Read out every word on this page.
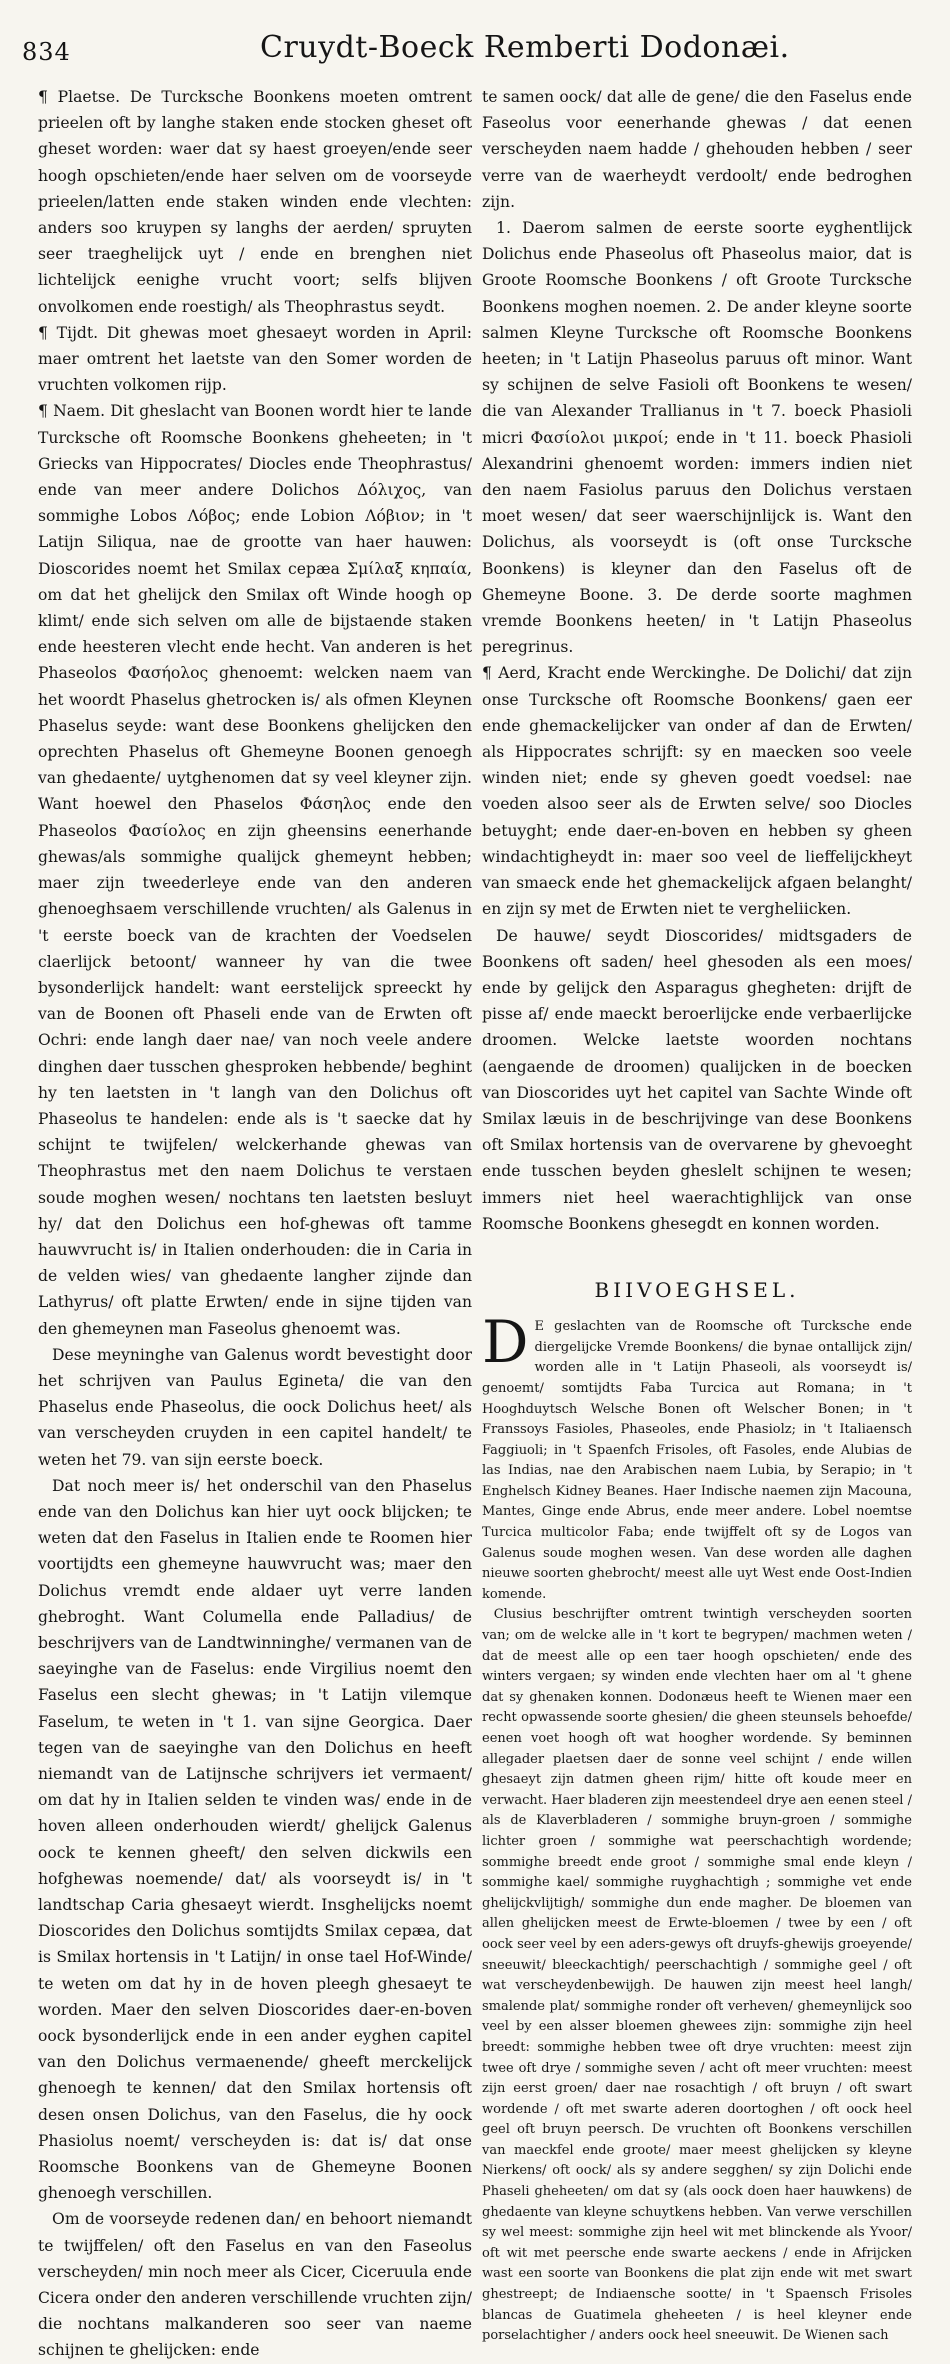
834	Cruydt-Boeck Remberti Dodonæi.

¶ Plaetse. De Turcksche Boonkens moeten omtrent prieelen oft by langhe staken ende stocken gheset oft gheset worden: waer dat sy haest groeyen/ende seer hoogh opschieten/ende haer selven om de voorseyde prieelen/latten ende staken winden ende vlechten: anders soo kruypen sy langhs der aerden/ spruyten seer traeghelijck uyt / ende en brenghen niet lichtelijck eenighe vrucht voort; selfs blijven onvolkomen ende roestigh/ als Theophrastus seydt.

¶ Tijdt. Dit ghewas moet ghesaeyt worden in April: maer omtrent het laetste van den Somer worden de vruchten volkomen rijp.

¶ Naem. Dit gheslacht van Boonen wordt hier te lande Turcksche oft Roomsche Boonkens gheheeten; in 't Griecks van Hippocrates/ Diocles ende Theophrastus/ ende van meer andere Dolichos Δόλιχος, van sommighe Lobos Λόβος; ende Lobion Λόβιον; in 't Latijn Siliqua, nae de grootte van haer hauwen: Dioscorides noemt het Smilax cepæa Σμίλαξ κηπαία, om dat het ghelijck den Smilax oft Winde hoogh op klimt/ ende sich selven om alle de bijstaende staken ende heesteren vlecht ende hecht. Van anderen is het Phaseolos Φασήολος ghenoemt: welcken naem van het woordt Phaselus ghetrocken is/ als ofmen Kleynen Phaselus seyde: want dese Boonkens ghelijcken den oprechten Phaselus oft Ghemeyne Boonen genoegh van ghedaente/ uytghenomen dat sy veel kleyner zijn. Want hoewel den Phaselos Φάσηλος ende den Phaseolos Φασίολος en zijn gheensins eenerhande ghewas/als sommighe qualijck ghemeynt hebben; maer zijn tweederleye ende van den anderen ghenoeghsaem verschillende vruchten/ als Galenus in 't eerste boeck van de krachten der Voedselen claerlijck betoont/ wanneer hy van die twee bysonderlijck handelt: want eerstelijck spreeckt hy van de Boonen oft Phaseli ende van de Erwten oft Ochri: ende langh daer nae/ van noch veele andere dinghen daer tusschen ghesproken hebbende/ beghint hy ten laetsten in 't langh van den Dolichus oft Phaseolus te handelen: ende als is 't saecke dat hy schijnt te twijfelen/ welckerhande ghewas van Theophrastus met den naem Dolichus te verstaen soude moghen wesen/ nochtans ten laetsten besluyt hy/ dat den Dolichus een hof-ghewas oft tamme hauwvrucht is/ in Italien onderhouden: die in Caria in de velden wies/ van ghedaente langher zijnde dan Lathyrus/ oft platte Erwten/ ende in sijne tijden van den ghemeynen man Faseolus ghenoemt was.

Dese meyninghe van Galenus wordt bevestight door het schrijven van Paulus Egineta/ die van den Phaselus ende Phaseolus, die oock Dolichus heet/ als van verscheyden cruyden in een capitel handelt/ te weten het 79. van sijn eerste boeck.

Dat noch meer is/ het onderschil van den Phaselus ende van den Dolichus kan hier uyt oock blijcken; te weten dat den Faselus in Italien ende te Roomen hier voortijdts een ghemeyne hauwvrucht was; maer den Dolichus vremdt ende aldaer uyt verre landen ghebroght. Want Columella ende Palladius/ de beschrijvers van de Landtwinninghe/ vermanen van de saeyinghe van de Faselus: ende Virgilius noemt den Faselus een slecht ghewas; in 't Latijn vilemque Faselum, te weten in 't 1. van sijne Georgica. Daer tegen van de saeyinghe van den Dolichus en heeft niemandt van de Latijnsche schrijvers iet vermaent/ om dat hy in Italien selden te vinden was/ ende in de hoven alleen onderhouden wierdt/ ghelijck Galenus oock te kennen gheeft/ den selven dickwils een hofghewas noemende/ dat/ als voorseydt is/ in 't landtschap Caria ghesaeyt wierdt. Insghelijcks noemt Dioscorides den Dolichus somtijdts Smilax cepæa, dat is Smilax hortensis in 't Latijn/ in onse tael Hof-Winde/ te weten om dat hy in de hoven pleegh ghesaeyt te worden. Maer den selven Dioscorides daer-en-boven oock bysonderlijck ende in een ander eyghen capitel van den Dolichus vermaenende/ gheeft merckelijck ghenoegh te kennen/ dat den Smilax hortensis oft desen onsen Dolichus, van den Faselus, die hy oock Phasiolus noemt/ verscheyden is: dat is/ dat onse Roomsche Boonkens van de Ghemeyne Boonen ghenoegh verschillen.

Om de voorseyde redenen dan/ en behoort niemandt te twijffelen/ oft den Faselus en van den Faseolus verscheyden/ min noch meer als Cicer, Ciceruula ende Cicera onder den anderen verschillende vruchten zijn/ die nochtans malkanderen soo seer van naeme schijnen te ghelijcken: ende

te samen oock/ dat alle de gene/ die den Faselus ende Faseolus voor eenerhande ghewas / dat eenen verscheyden naem hadde / ghehouden hebben / seer verre van de waerheydt verdoolt/ ende bedroghen zijn.

1. Daerom salmen de eerste soorte eyghentlijck Dolichus ende Phaseolus oft Phaseolus maior, dat is Groote Roomsche Boonkens / oft Groote Turcksche Boonkens moghen noemen. 2. De ander kleyne soorte salmen Kleyne Turcksche oft Roomsche Boonkens heeten; in 't Latijn Phaseolus paruus oft minor. Want sy schijnen de selve Fasioli oft Boonkens te wesen/ die van Alexander Trallianus in 't 7. boeck Phasioli micri Φασίολοι μικροί; ende in 't 11. boeck Phasioli Alexandrini ghenoemt worden: immers indien niet den naem Fasiolus paruus den Dolichus verstaen moet wesen/ dat seer waerschijnlijck is. Want den Dolichus, als voorseydt is (oft onse Turcksche Boonkens) is kleyner dan den Faselus oft de Ghemeyne Boone. 3. De derde soorte maghmen vremde Boonkens heeten/ in 't Latijn Phaseolus peregrinus.

¶ Aerd, Kracht ende Werckinghe. De Dolichi/ dat zijn onse Turcksche oft Roomsche Boonkens/ gaen eer ende ghemackelijcker van onder af dan de Erwten/ als Hippocrates schrijft: sy en maecken soo veele winden niet; ende sy gheven goedt voedsel: nae voeden alsoo seer als de Erwten selve/ soo Diocles betuyght; ende daer-en-boven en hebben sy gheen windachtigheydt in: maer soo veel de lieffelijckheyt van smaeck ende het ghemackelijck afgaen belanght/ en zijn sy met de Erwten niet te vergheliicken.

De hauwe/ seydt Dioscorides/ midtsgaders de Boonkens oft saden/ heel ghesoden als een moes/ ende by gelijck den Asparagus ghegheten: drijft de pisse af/ ende maeckt beroerlijcke ende verbaerlijcke droomen. Welcke laetste woorden nochtans (aengaende de droomen) qualijcken in de boecken van Dioscorides uyt het capitel van Sachte Winde oft Smilax læuis in de beschrijvinge van dese Boonkens oft Smilax hortensis van de overvarenе by ghevoeght ende tusschen beyden gheslelt schijnen te wesen; immers niet heel waerachtighlijck van onse Roomsche Boonkens ghesegdt en konnen worden.

BIIVOEGHSEL.

D E geslachten van de Roomsche oft Turcksche ende diergelijcke Vremde Boonkens/ die bynae ontallijck zijn/ worden alle in 't Latijn Phaseoli, als voorseydt is/ genoemt/ somtijdts Faba Turcica aut Romana; in 't Hooghduytsch Welsche Bonen oft Welscher Bonen; in 't Franssoys Fasioles, Phaseoles, ende Phasiolz; in 't Italiaensch Faggiuoli; in 't Spaenfch Frisoles, oft Fasoles, ende Alubias de las Indias, nae den Arabischen naem Lubia, by Serapio; in 't Enghelsch Kidney Beanes. Haer Indische naemen zijn Macouna, Mantes, Ginge ende Abrus, ende meer andere. Lobel noemtse Turcica multicolor Faba; ende twijffelt oft sy de Logos van Galenus soude moghen wesen. Van dese worden alle daghen nieuwe soorten ghebrocht/ meest alle uyt West ende Oost-Indien komende.

Clusius beschrijfter omtrent twintigh verscheyden soorten van; om de welcke alle in 't kort te begrypen/ machmen weten / dat de meest alle op een taer hoogh opschieten/ ende des winters vergaen; sy winden ende vlechten haer om al 't ghene dat sy ghenaken konnen. Dodonæus heeft te Wienen maer een recht opwassende soorte ghesien/ die gheen steunsels behoefde/ eenen voet hoogh oft wat hoogher wordende. Sy beminnen allegader plaetsen daer de sonne veel schijnt / ende willen ghesaeyt zijn datmen gheen rijm/ hitte oft koude meer en verwacht. Haer bladeren zijn meestendeel drye aen eenen steel / als de Klaverbladeren / sommighe bruyn-groen / sommighe lichter groen / sommighe wat peerschachtigh wordende; sommighe breedt ende groot / sommighe smal ende kleyn / sommighe kael/ sommighe ruyghachtigh ; sommighe vet ende ghelijckvlijtigh/ sommighe dun ende magher. De bloemen van allen ghelijcken meest de Erwte-bloemen / twee by een / oft oock seer veel by een aders-gewys oft druyfs-ghewijs groeyende/ sneeuwit/ bleeckachtigh/ peerschachtigh / sommighe geel / oft wat verscheydenbewijgh. De hauwen zijn meest heel langh/ smalende plat/ sommighe ronder oft verheven/ ghemeynlijck soo veel by een alsser bloemen ghewees zijn: sommighe zijn heel breedt: sommighe hebben twee oft drye vruchten: meest zijn twee oft drye / sommighe seven / acht oft meer vruchten: meest zijn eerst groen/ daer nae rosachtigh / oft bruyn / oft swart wordende / oft met swarte aderen doortoghen / oft oock heel geel oft bruyn peersch. De vruchten oft Boonkens verschillen van maeckfel ende groote/ maer meest ghelijcken sy kleyne Nierkens/ oft oock/ als sy andere segghen/ sy zijn Dolichi ende Phaseli gheheeten/ om dat sy (als oock doen haer hauwkens) de ghedaente van kleyne schuytkens hebben. Van verwe verschillen sy wel meest: sommighe zijn heel wit met blinckende als Yvoor/ oft wit met peersche ende swarte aeckens / ende in Afrijcken wast een soorte van Boonkens die plat zijn ende wit met swart ghestreept; de Indiaensche sootte/ in 't Spaensch Frisoles blancas de Guatimela gheheeten / is heel kleyner ende porselachtigher / anders oock heel sneeuwit. De Wienen sach
